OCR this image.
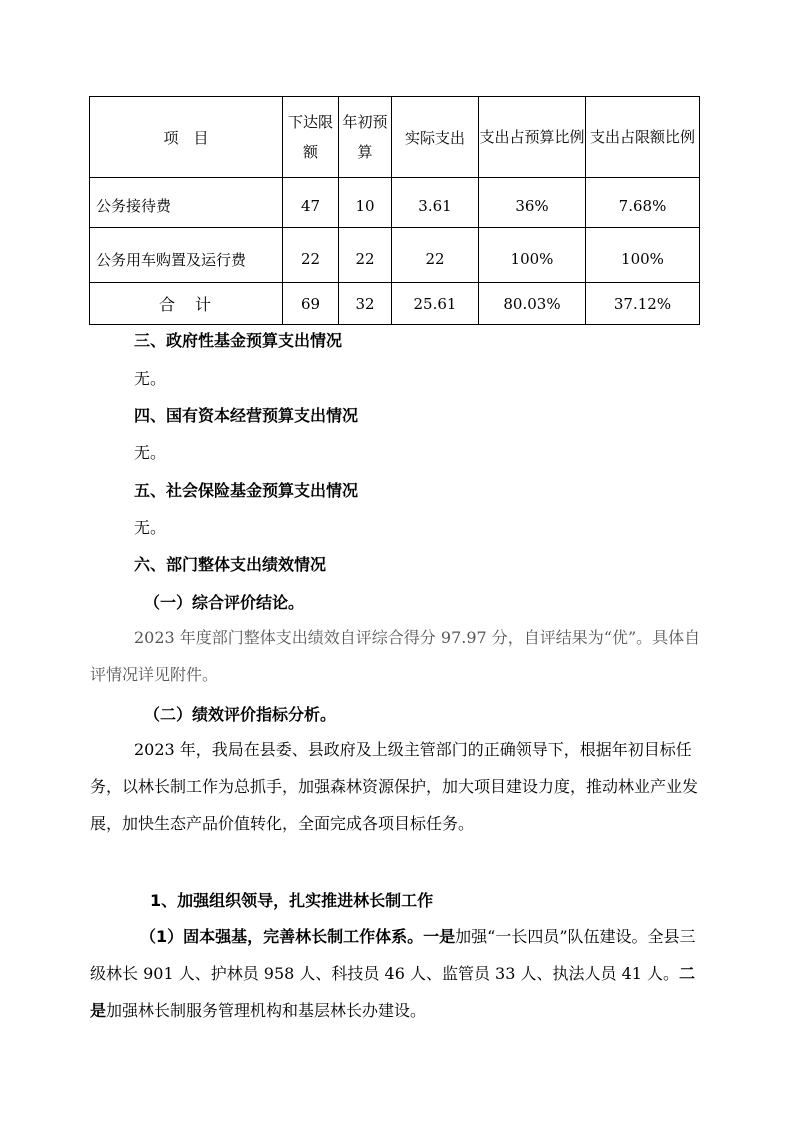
项　目	下达限额	年初预算	实际支出	支出占预算比例	支出占限额比例
公务接待费	47	10	3.61	36%	7.68%
公务用车购置及运行费	22	22	22	100%	100%
合　计	69	32	25.61	80.03%	37.12%
三、政府性基金预算支出情况
无。
四、国有资本经营预算支出情况
无。
五、社会保险基金预算支出情况
无。
六、部门整体支出绩效情况
（一）综合评价结论。

2023 年度部门整体支出绩效自评综合得分 97.97 分，自评结果为“优”。具体自评情况详见附件。

（二）绩效评价指标分析。

2023 年，我局在县委、县政府及上级主管部门的正确领导下，根据年初目标任务，以林长制工作为总抓手，加强森林资源保护，加大项目建设力度，推动林业产业发展，加快生态产品价值转化，全面完成各项目标任务。

1、加强组织领导，扎实推进林长制工作

（1）固本强基，完善林长制工作体系。一是加强“一长四员”队伍建设。全县三级林长 901 人、护林员 958 人、科技员 46 人、监管员 33 人、执法人员 41 人。二是加强林长制服务管理机构和基层林长办建设。
